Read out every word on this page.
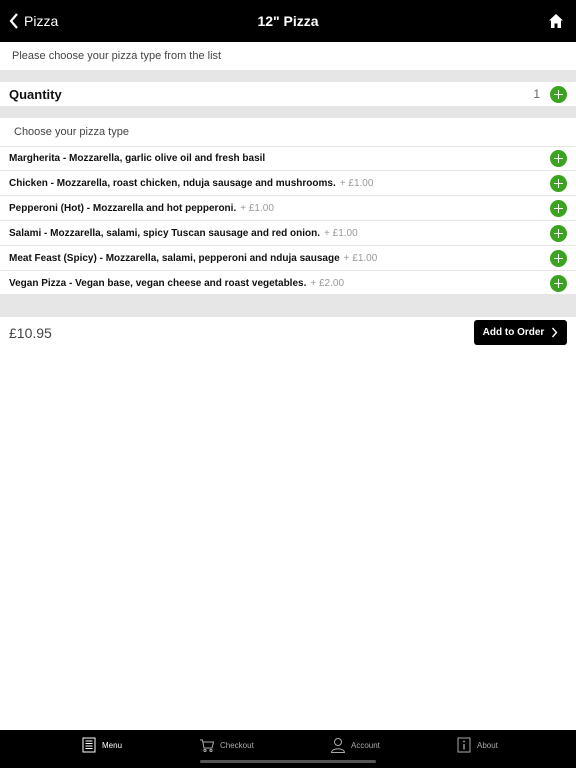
Pizza	12" Pizza
Please choose your pizza type from the list
Quantity	1
Choose your pizza type
Margherita - Mozzarella, garlic olive oil and fresh basil
Chicken - Mozzarella, roast chicken, nduja sausage and mushrooms. + £1.00
Pepperoni (Hot) - Mozzarella and hot pepperoni. + £1.00
Salami - Mozzarella, salami, spicy Tuscan sausage and red onion. + £1.00
Meat Feast (Spicy) - Mozzarella, salami, pepperoni and nduja sausage + £1.00
Vegan Pizza - Vegan base, vegan cheese and roast vegetables. + £2.00
£10.95	Add to Order
Menu	Checkout	Account	About
